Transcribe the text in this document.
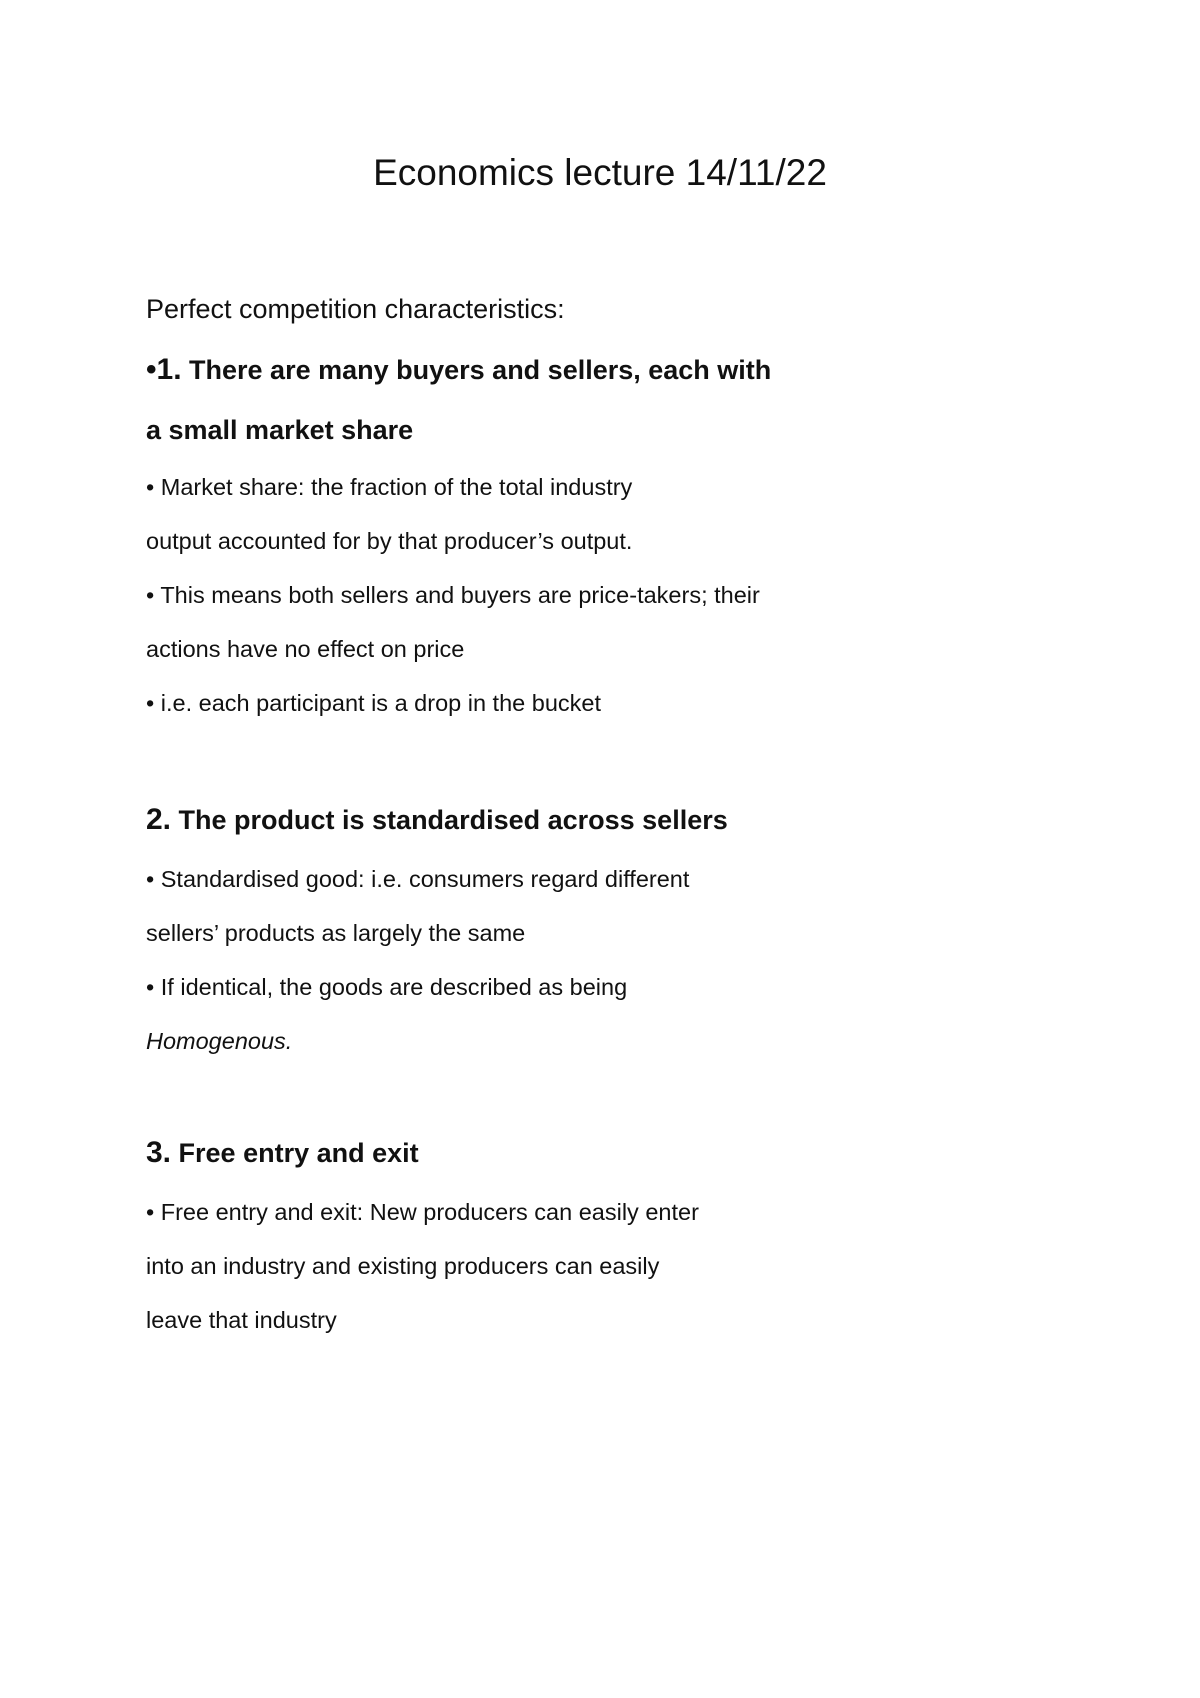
Economics lecture 14/11/22

Perfect competition characteristics:

•1. There are many buyers and sellers, each with

a small market share

• Market share: the fraction of the total industry

output accounted for by that producer’s output.

• This means both sellers and buyers are price-takers; their

actions have no effect on price

• i.e. each participant is a drop in the bucket

2. The product is standardised across sellers

• Standardised good: i.e. consumers regard different

sellers’ products as largely the same

• If identical, the goods are described as being

Homogenous.

3. Free entry and exit

• Free entry and exit: New producers can easily enter

into an industry and existing producers can easily

leave that industry
